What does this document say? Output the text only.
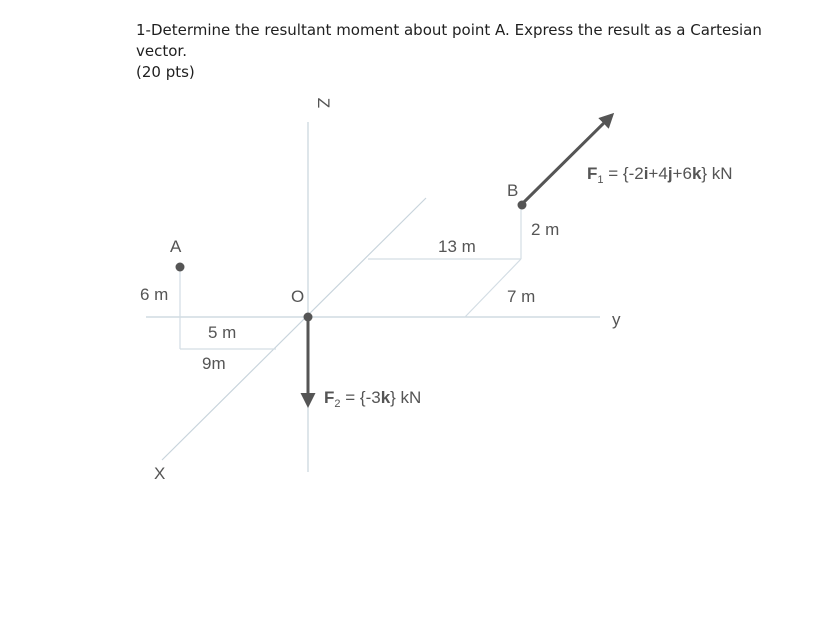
1-Determine the resultant moment about point A. Express the result as a Cartesian vector.

(20 pts)

Z
y
X
A
B
O
6 m
5 m
9m
13 m
7 m
2 m
$F_1 = \{-2i+4j+6k\}$ kN
$F_2 = \{-3k\}$ kN
